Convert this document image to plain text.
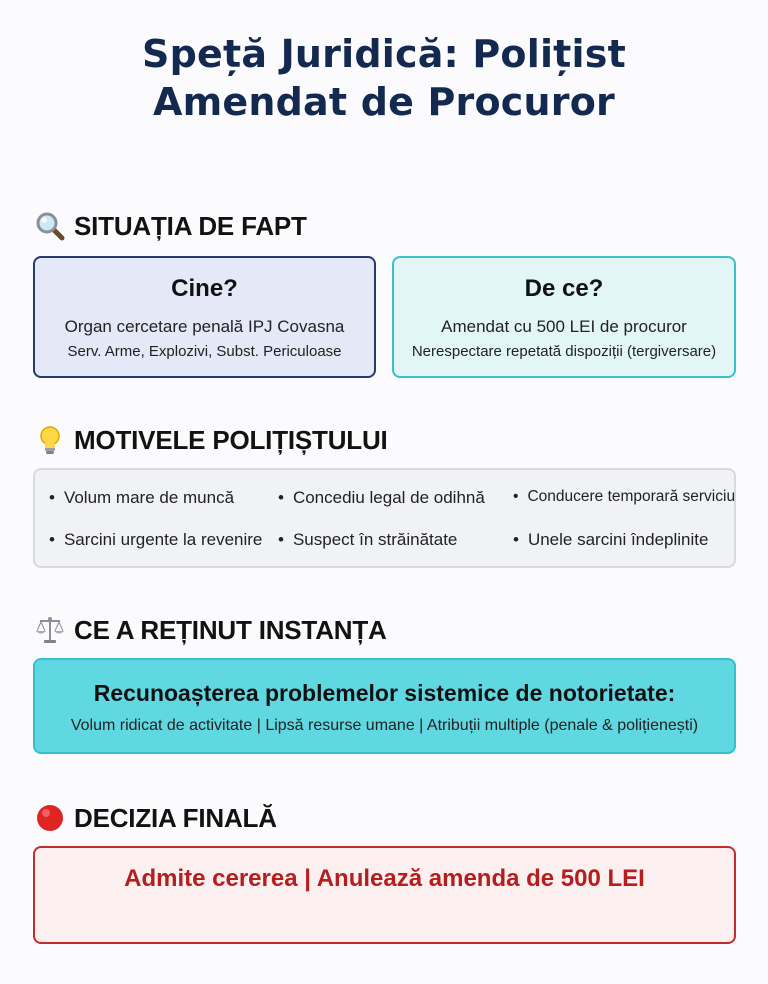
Speță Juridică: Polițist
Amendat de Procuror
SITUAȚIA DE FAPT
Cine?
Organ cercetare penală IPJ Covasna
Serv. Arme, Explozivi, Subst. Periculoase
De ce?
Amendat cu 500 LEI de procuror
Nerespectare repetată dispoziții (tergiversare)
MOTIVELE POLIȚIȘTULUI
• Volum mare de muncă	• Concediu legal de odihnă	• Conducere temporară serviciu
• Sarcini urgente la revenire	• Suspect în străinătate	• Unele sarcini îndeplinite
CE A REȚINUT INSTANȚA
Recunoașterea problemelor sistemice de notorietate:
Volum ridicat de activitate | Lipsă resurse umane | Atribuții multiple (penale & polițienești)
DECIZIA FINALĂ
Admite cererea | Anulează amenda de 500 LEI
